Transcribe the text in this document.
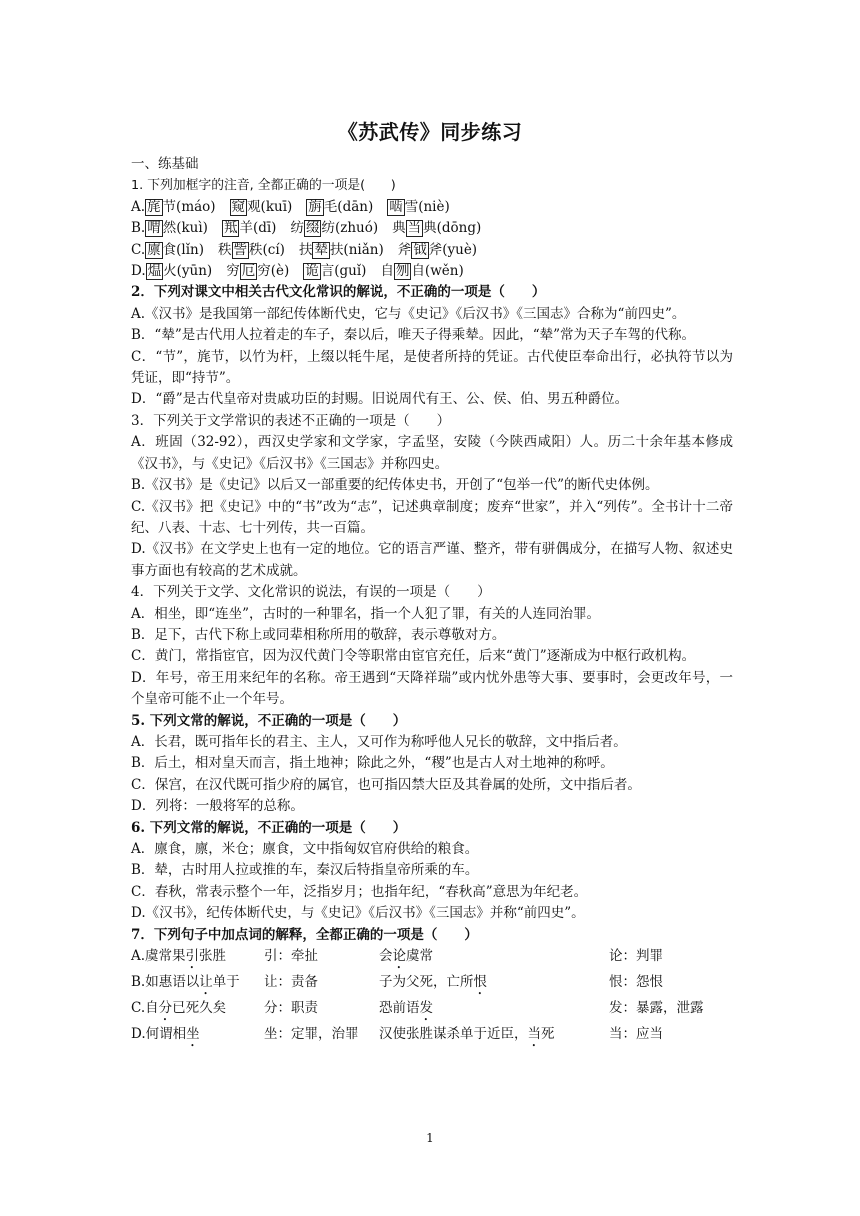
《苏武传》同步练习

一、练基础

1. 下列加框字的注音, 全都正确的一项是(　　)

A. 旄 节(máo) 窥 观(kuī) 旃 毛(dān) 啮 雪(niè)

B. 喟 然(kuì) 羝 羊(dī) 纺 缀 纺(zhuó) 典 当 典(dōng)

C. 廪 食(lǐn) 秩 訾 秩(cí) 扶 辇 扶(niǎn) 斧 钺 斧(yuè)

D. 煴 火(yūn) 穷 厄 穷(è) 诡 言(guǐ) 自 刎 自(wěn)

2．下列对课文中相关古代文化常识的解说，不正确的一项是（　　）

A.《汉书》是我国第一部纪传体断代史，它与《史记》《后汉书》《三国志》合称为“前四史”。

B．“辇”是古代用人拉着走的车子，秦以后，唯天子得乘辇。因此，“辇”常为天子车驾的代称。

C．“节”，旄节，以竹为杆，上缀以牦牛尾，是使者所持的凭证。古代使臣奉命出行，必执符节以为凭证，即“持节”。

D．“爵”是古代皇帝对贵戚功臣的封赐。旧说周代有王、公、侯、伯、男五种爵位。

3．下列关于文学常识的表述不正确的一项是（　　）

A．班固（32-92），西汉史学家和文学家，字孟坚，安陵（今陕西咸阳）人。历二十余年基本修成《汉书》，与《史记》《后汉书》《三国志》并称四史。

B.《汉书》是《史记》以后又一部重要的纪传体史书，开创了“包举一代”的断代史体例。

C.《汉书》把《史记》中的“书”改为“志”，记述典章制度；废弃“世家”，并入“列传”。全书计十二帝纪、八表、十志、七十列传，共一百篇。

D.《汉书》在文学史上也有一定的地位。它的语言严谨、整齐，带有骈偶成分，在描写人物、叙述史事方面也有较高的艺术成就。

4．下列关于文学、文化常识的说法，有误的一项是（　　）

A．相坐，即“连坐”，古时的一种罪名，指一个人犯了罪，有关的人连同治罪。

B．足下，古代下称上或同辈相称所用的敬辞，表示尊敬对方。

C．黄门，常指宦官，因为汉代黄门令等职常由宦官充任，后来“黄门”逐渐成为中枢行政机构。

D．年号，帝王用来纪年的名称。帝王遇到“天降祥瑞”或内忧外患等大事、要事时，会更改年号，一个皇帝可能不止一个年号。

5. 下列文常的解说，不正确的一项是（　　）

A．长君，既可指年长的君主、主人，又可作为称呼他人兄长的敬辞，文中指后者。

B．后土，相对皇天而言，指土地神；除此之外，“稷”也是古人对土地神的称呼。

C．保宫，在汉代既可指少府的属官，也可指囚禁大臣及其眷属的处所，文中指后者。

D．列将：一般将军的总称。

6. 下列文常的解说，不正确的一项是（　　）

A．廪食，廪，米仓；廪食，文中指匈奴官府供给的粮食。

B．辇，古时用人拉或推的车，秦汉后特指皇帝所乘的车。

C．春秋，常表示整个一年，泛指岁月；也指年纪，“春秋高”意思为年纪老。

D.《汉书》，纪传体断代史，与《史记》《后汉书》《三国志》并称“前四史”。

7．下列句子中加点词的解释，全都正确的一项是（　　）

A.虞常果引张胜	引：牵扯	会论虞常	论：判罪
B.如惠语以让单于	让：责备	子为父死，亡所恨	恨：怨恨
C.自分已死久矣	分：职责	恐前语发	发：暴露，泄露
D.何谓相坐	坐：定罪，治罪	汉使张胜谋杀单于近臣，当死	当：应当
1
